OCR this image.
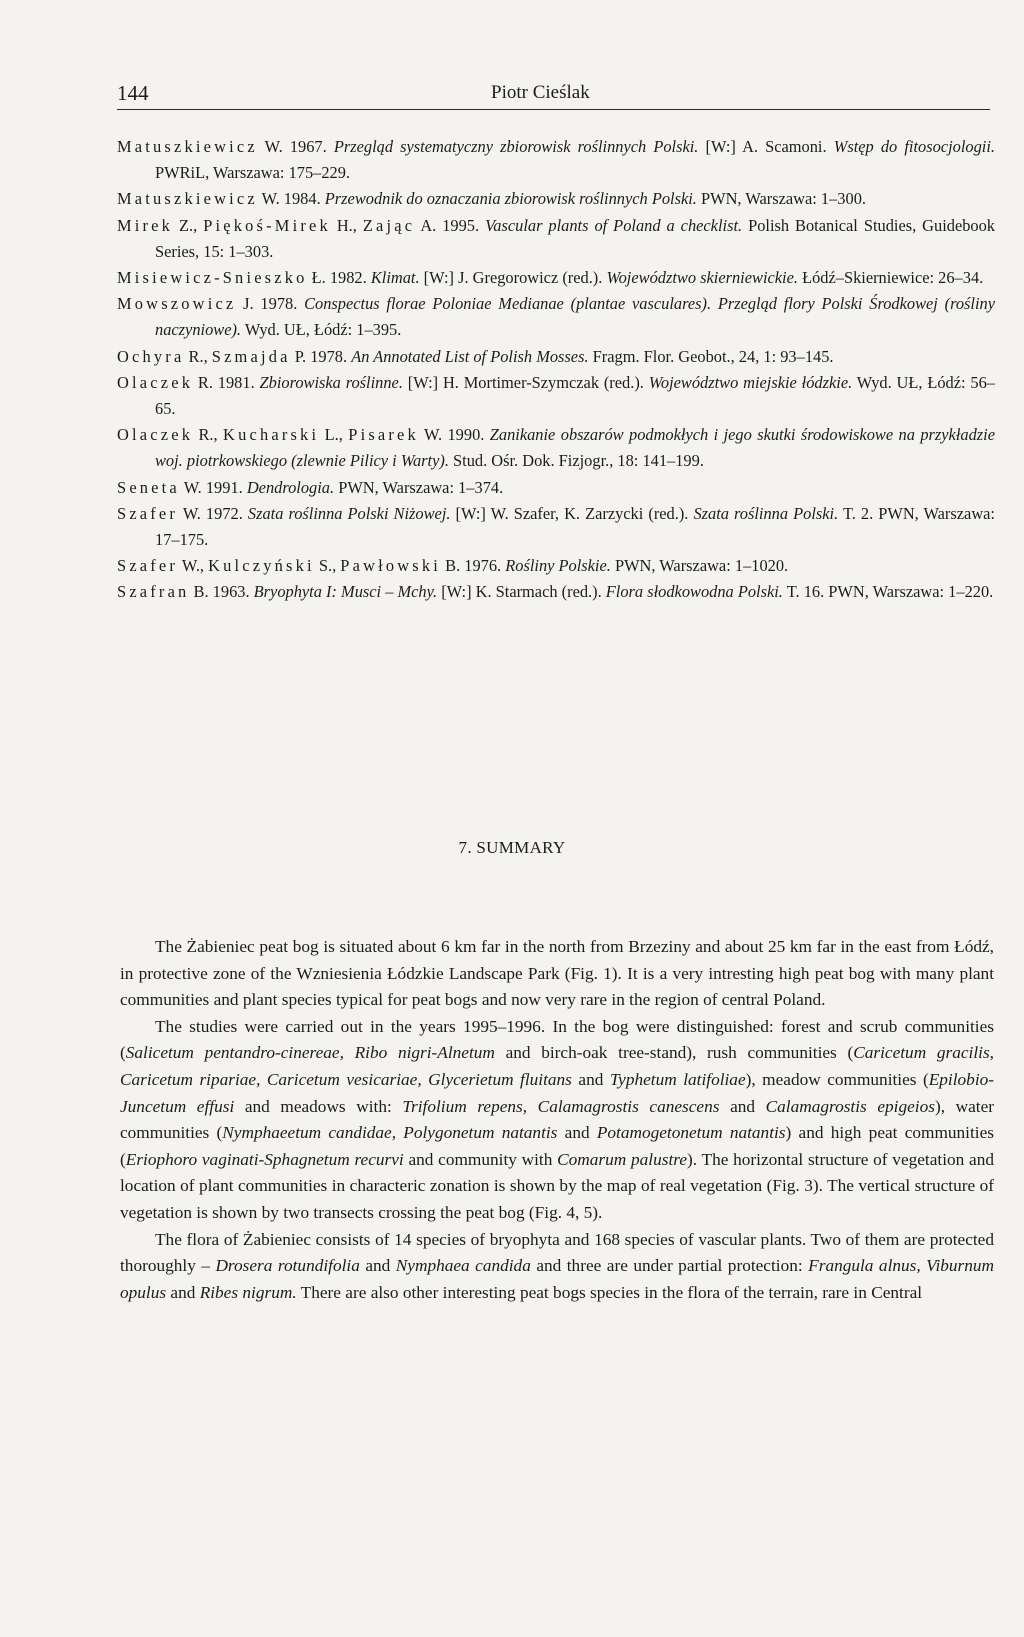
144	Piotr Cieślak
Matuszkiewicz W. 1967. Przegląd systematyczny zbiorowisk roślinnych Polski. [W:] A. Scamoni. Wstęp do fitosocjologii. PWRiL, Warszawa: 175–229.
Matuszkiewicz W. 1984. Przewodnik do oznaczania zbiorowisk roślinnych Polski. PWN, Warszawa: 1–300.
Mirek Z., Piękoś-Mirek H., Zając A. 1995. Vascular plants of Poland a checklist. Polish Botanical Studies, Guidebook Series, 15: 1–303.
Misiewicz-Snieszko Ł. 1982. Klimat. [W:] J. Gregorowicz (red.). Województwo skierniewickie. Łódź–Skierniewice: 26–34.
Mowszowicz J. 1978. Conspectus florae Poloniae Medianae (plantae vasculares). Przegląd flory Polski Środkowej (rośliny naczyniowe). Wyd. UŁ, Łódź: 1–395.
Ochyra R., Szmajda P. 1978. An Annotated List of Polish Mosses. Fragm. Flor. Geobot., 24, 1: 93–145.
Olaczek R. 1981. Zbiorowiska roślinne. [W:] H. Mortimer-Szymczak (red.). Województwo miejskie łódzkie. Wyd. UŁ, Łódź: 56–65.
Olaczek R., Kucharski L., Pisarek W. 1990. Zanikanie obszarów podmokłych i jego skutki środowiskowe na przykładzie woj. piotrkowskiego (zlewnie Pilicy i Warty). Stud. Ośr. Dok. Fizjogr., 18: 141–199.
Seneta W. 1991. Dendrologia. PWN, Warszawa: 1–374.
Szafer W. 1972. Szata roślinna Polski Niżowej. [W:] W. Szafer, K. Zarzycki (red.). Szata roślinna Polski. T. 2. PWN, Warszawa: 17–175.
Szafer W., Kulczyński S., Pawłowski B. 1976. Rośliny Polskie. PWN, Warszawa: 1–1020.
Szafran B. 1963. Bryophyta I: Musci – Mchy. [W:] K. Starmach (red.). Flora słodkowodna Polski. T. 16. PWN, Warszawa: 1–220.
7. SUMMARY

The Żabieniec peat bog is situated about 6 km far in the north from Brzeziny and about 25 km far in the east from Łódź, in protective zone of the Wzniesienia Łódzkie Landscape Park (Fig. 1). It is a very intresting high peat bog with many plant communities and plant species typical for peat bogs and now very rare in the region of central Poland.

The studies were carried out in the years 1995–1996. In the bog were distinguished: forest and scrub communities (Salicetum pentandro-cinereae, Ribo nigri-Alnetum and birch-oak tree-stand), rush communities (Caricetum gracilis, Caricetum ripariae, Caricetum vesicariae, Glycerietum fluitans and Typhetum latifoliae), meadow communities (Epilobio-Juncetum effusi and meadows with: Trifolium repens, Calamagrostis canescens and Calamagrostis epigeios), water communities (Nymphaeetum candidae, Polygonetum natantis and Potamogetonetum natantis) and high peat communities (Eriophoro vaginati-Sphagnetum recurvi and community with Comarum palustre). The horizontal structure of vegetation and location of plant communities in characteric zonation is shown by the map of real vegetation (Fig. 3). The vertical structure of vegetation is shown by two transects crossing the peat bog (Fig. 4, 5).

The flora of Żabieniec consists of 14 species of bryophyta and 168 species of vascular plants. Two of them are protected thoroughly – Drosera rotundifolia and Nymphaea candida and three are under partial protection: Frangula alnus, Viburnum opulus and Ribes nigrum. There are also other interesting peat bogs species in the flora of the terrain, rare in Central
